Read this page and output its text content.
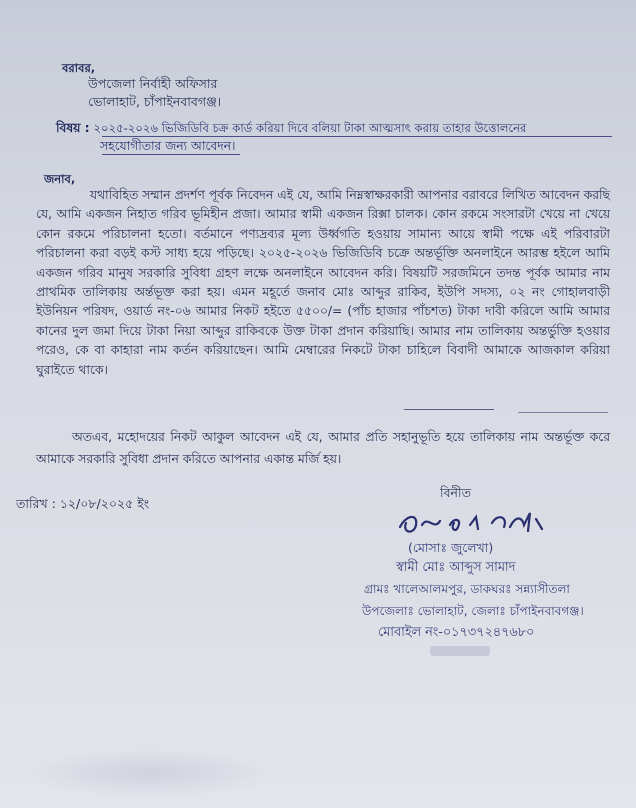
বরাবর,
উপজেলা নির্বাহী অফিসার
ভোলাহাট, চাঁপাইনবাবগঞ্জ।
বিষয় : ২০২৫-২০২৬ ভিজিডিবি চক্র কার্ড করিয়া দিবে বলিয়া টাকা আত্মসাৎ করায় তাহার উত্তোলনের
সহযোগীতার জন্য আবেদন।
জনাব,
যথাবিহিত সম্মান প্রদর্শণ পূর্বক নিবেদন এই যে, আমি নিম্নস্বাক্ষরকারী আপনার বরাবরে লিখিত আবেদন করছি যে, আমি একজন নিহাত গরিব ভূমিহীন প্রজা। আমার স্বামী একজন রিক্সা চালক। কোন রকমে সংসারটা খেয়ে না খেয়ে কোন রকমে পরিচালনা হতো। বর্তমানে পণ্যদ্রব্যর মূল্য উর্ধ্বগতি হওয়ায় সামান্য আয়ে স্বামী পক্ষে এই পরিবারটা পরিচালনা করা বড়ই কস্ট সাধ্য হয়ে পড়িছে। ২০২৫-২০২৬ ভিজিডিবি চক্রে অন্তর্ভূক্তি অনলাইনে আরম্ভ হইলে আমি একজন গরিব মানুষ সরকারি সুবিধা গ্রহণ লক্ষে অনলাইনে আবেদন করি। বিষয়টি সরজমিনে তদন্ত পূর্বক আমার নাম প্রাথমিক তালিকায় অর্ন্তভূক্ত করা হয়। এমন মহূর্তে জনাব মোঃ আব্দুর রাকিব, ইউপি সদস্য, ০২ নং গোহালবাড়ী ইউনিয়ন পরিষদ, ওয়ার্ড নং-০৬ আমার নিকট হইতে ৫৫০০/= (পাঁচ হাজার পাঁচশত) টাকা দাবী করিলে আমি আমার কানের দুল জমা দিয়ে টাকা নিয়া আব্দুর রাকিবকে উক্ত টাকা প্রদান করিয়াছি। আমার নাম তালিকায় অন্তর্ভুক্তি হওয়ার পরেও, কে বা কাহারা নাম কর্তন করিয়াছেন। আমি মেম্বারের নিকটে টাকা চাহিলে বিবাদী আমাকে আজকাল করিয়া ঘুরাইতে থাকে।
অতএব, মহোদয়ের নিকট আকুল আবেদন এই যে, আমার প্রতি সহানুভূতি হয়ে তালিকায় নাম অন্তর্ভূক্ত করে আমাকে সরকারি সুবিধা প্রদান করিতে আপনার একান্ত মর্জি হয়।
তারিখ : ১২/০৮/২০২৫ ইং
বিনীত
(মোসাঃ জুলেখা)
স্বামী মোঃ আব্দুস সামাদ
গ্রামঃ খালেআলমপুর, ডাকঘরঃ সন্ন্যাসীতলা
উপজেলাঃ ভোলাহাট, জেলাঃ চাঁপাইনবাবগঞ্জ।
মোবাইল নং-০১৭৩৭২৪৭৬৮০
